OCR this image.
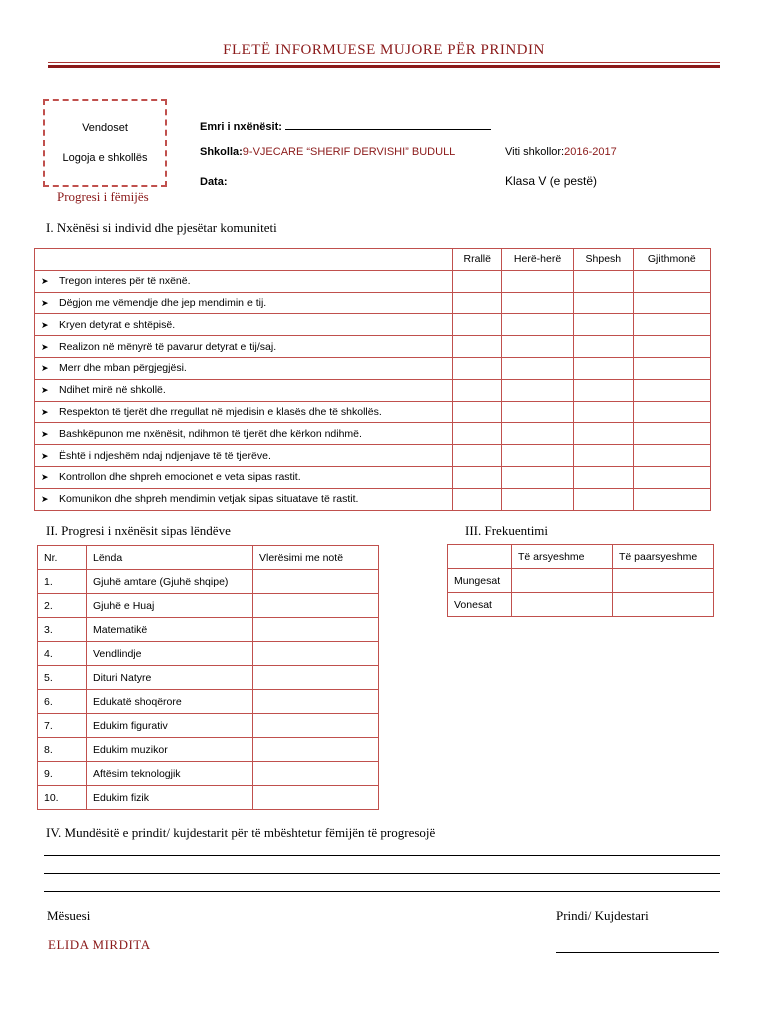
FLETË INFORMUESE MUJORE PËR PRINDIN
Vendoset
Logoja e shkollës
Progresi i fëmijës
Emri i nxënësit:
Shkolla:9-VJECARE “SHERIF DERVISHI” BUDULL	Viti shkollor:2016-2017
Data:	Klasa V (e pestë)
I. Nxënësi si individ dhe pjesëtar komuniteti
	Rrallë	Herë-herë	Shpesh	Gjithmonë
➤ Tregon interes për të nxënë.				
➤ Dëgjon me vëmendje dhe jep mendimin e tij.				
➤ Kryen detyrat e shtëpisë.				
➤ Realizon në mënyrë të pavarur detyrat e tij/saj.				
➤ Merr dhe mban përgjegjësi.				
➤ Ndihet mirë në shkollë.				
➤ Respekton të tjerët dhe rregullat në mjedisin e klasës dhe të shkollës.				
➤ Bashkëpunon me nxënësit, ndihmon të tjerët dhe kërkon ndihmë.				
➤ Është i ndjeshëm ndaj ndjenjave të të tjerëve.				
➤ Kontrollon dhe shpreh emocionet e veta sipas rastit.				
➤ Komunikon dhe shpreh mendimin vetjak sipas situatave të rastit.				
II. Progresi i nxënësit sipas lëndëve
Nr.	Lënda	Vlerësimi me notë
1.	Gjuhë amtare (Gjuhë shqipe)	
2.	Gjuhë e Huaj	
3.	Matematikë	
4.	Vendlindje	
5.	Dituri Natyre	
6.	Edukatë shoqërore	
7.	Edukim figurativ	
8.	Edukim muzikor	
9.	Aftësim teknologjik	
10.	Edukim fizik	
III. Frekuentimi
	Të arsyeshme	Të paarsyeshme
Mungesat		
Vonesat		
IV. Mundësitë e prindit/ kujdestarit për të mbështetur fëmijën të progresojë
Mësuesi
ELIDA MIRDITA
Prindi/ Kujdestari
